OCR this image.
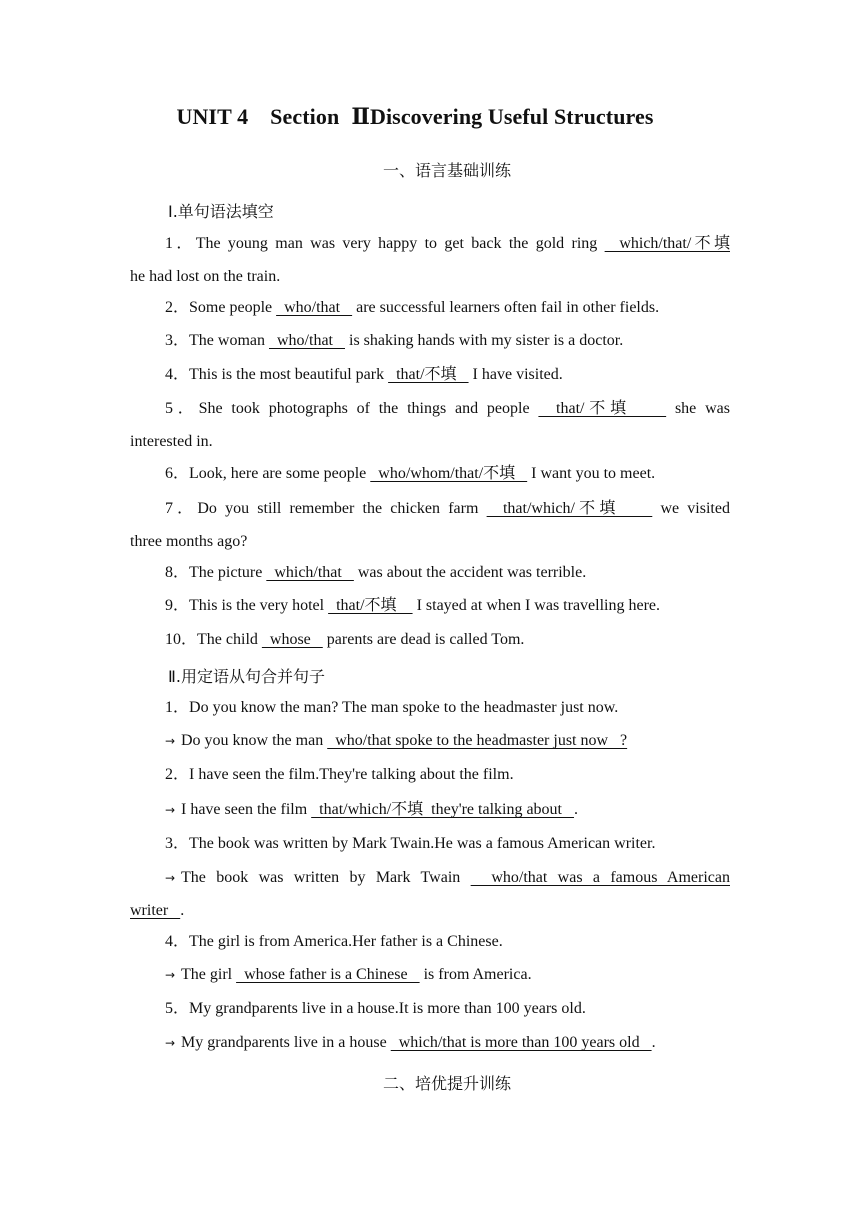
UNIT 4 Section ⅡDiscovering Useful Structures
一、语言基础训练
Ⅰ.单句语法填空
1．The young man was very happy to get back the gold ring   which/that/不填
he had lost on the train.
2．Some people   who/that    are successful learners often fail in other fields.
3．The woman   who/that    is shaking hands with my sister is a doctor.
4．This is the most beautiful park   that/不填    I have visited.
5．She took photographs of the things and people   that/不填     she was
interested in.
6．Look, here are some people   who/whom/that/不填    I want you to meet.
7．Do you still remember the chicken farm   that/which/不填     we visited
three months ago?
8．The picture   which/that    was about the accident was terrible.
9．This is the very hotel   that/不填     I stayed at when I was travelling here.
10．The child   whose    parents are dead is called Tom.
Ⅱ.用定语从句合并句子
1．Do you know the man? The man spoke to the headmaster just now.
→ Do you know the man   who/that spoke to the headmaster just now   ?
2．I have seen the film.They're talking about the film.
→ I have seen the film   that/which/不填  they're talking about   .
3．The book was written by Mark Twain.He was a famous American writer.
→ The book was written by Mark Twain   who/that was a famous American
writer   .
4．The girl is from America.Her father is a Chinese.
→ The girl   whose father is a Chinese    is from America.
5．My grandparents live in a house.It is more than 100 years old.
→ My grandparents live in a house   which/that is more than 100 years old   .
二、培优提升训练
